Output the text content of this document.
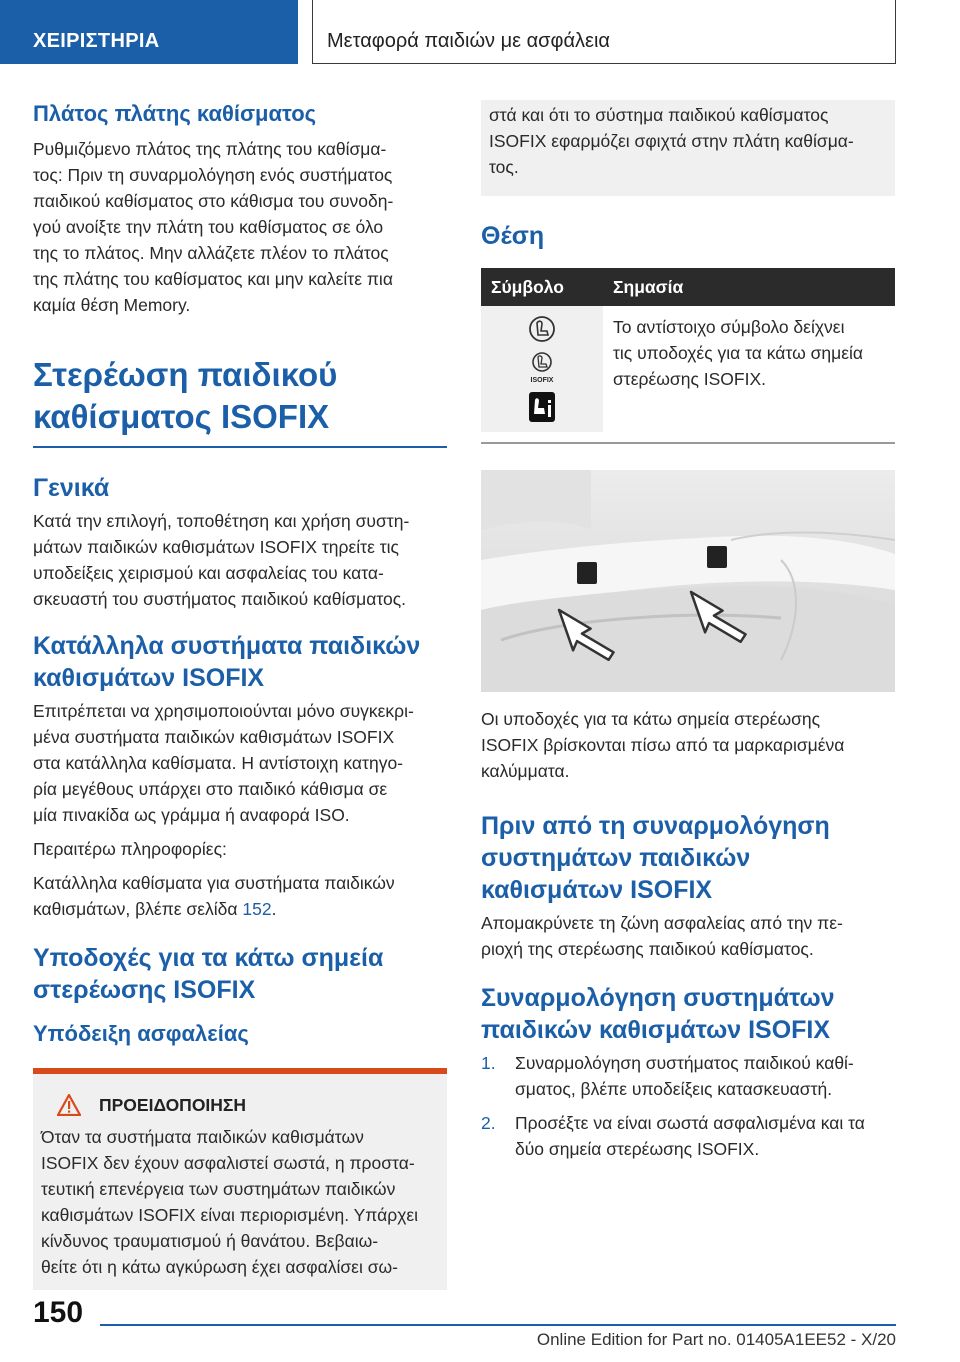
ΧΕΙΡΙΣΤΗΡΙΑ	Μεταφορά παιδιών με ασφάλεια
Πλάτος πλάτης καθίσματος
Ρυθμιζόμενο πλάτος της πλάτης του καθίσμα-
τος: Πριν τη συναρμολόγηση ενός συστήματος
παιδικού καθίσματος στο κάθισμα του συνοδη-
γού ανοίξτε την πλάτη του καθίσματος σε όλο
της το πλάτος. Μην αλλάζετε πλέον το πλάτος
της πλάτης του καθίσματος και μην καλείτε πια
καμία θέση Memory.
Στερέωση παιδικού
καθίσματος ISOFIX
Γενικά
Κατά την επιλογή, τοποθέτηση και χρήση συστη-
μάτων παιδικών καθισμάτων ISOFIX τηρείτε τις
υποδείξεις χειρισμού και ασφαλείας του κατα-
σκευαστή του συστήματος παιδικού καθίσματος.
Κατάλληλα συστήματα παιδικών
καθισμάτων ISOFIX
Επιτρέπεται να χρησιμοποιούνται μόνο συγκεκρι-
μένα συστήματα παιδικών καθισμάτων ISOFIX
στα κατάλληλα καθίσματα. Η αντίστοιχη κατηγο-
ρία μεγέθους υπάρχει στο παιδικό κάθισμα σε
μία πινακίδα ως γράμμα ή αναφορά ISO.
Περαιτέρω πληροφορίες:
Κατάλληλα καθίσματα για συστήματα παιδικών
καθισμάτων, βλέπε σελίδα 152.
Υποδοχές για τα κάτω σημεία
στερέωσης ISOFIX
Υπόδειξη ασφαλείας
ΠΡΟΕΙΔΟΠΟΙΗΣΗ
Όταν τα συστήματα παιδικών καθισμάτων
ISOFIX δεν έχουν ασφαλιστεί σωστά, η προστα-
τευτική επενέργεια των συστημάτων παιδικών
καθισμάτων ISOFIX είναι περιορισμένη. Υπάρχει
κίνδυνος τραυματισμού ή θανάτου. Βεβαιω-
θείτε ότι η κάτω αγκύρωση έχει ασφαλίσει σω-
στά και ότι το σύστημα παιδικού καθίσματος
ISOFIX εφαρμόζει σφιχτά στην πλάτη καθίσμα-
τος.
Θέση
Σύμβολο	Σημασία

ISOFIX	Το αντίστοιχο σύμβολο δείχνει
τις υποδοχές για τα κάτω σημεία
στερέωσης ISOFIX.
Οι υποδοχές για τα κάτω σημεία στερέωσης
ISOFIX βρίσκονται πίσω από τα μαρκαρισμένα
καλύμματα.
Πριν από τη συναρμολόγηση
συστημάτων παιδικών
καθισμάτων ISOFIX
Απομακρύνετε τη ζώνη ασφαλείας από την πε-
ριοχή της στερέωσης παιδικού καθίσματος.
Συναρμολόγηση συστημάτων
παιδικών καθισμάτων ISOFIX
1.	Συναρμολόγηση συστήματος παιδικού καθί-
σματος, βλέπε υποδείξεις κατασκευαστή.
2.	Προσέξτε να είναι σωστά ασφαλισμένα και τα
δύο σημεία στερέωσης ISOFIX.
150
Online Edition for Part no. 01405A1EE52 - X/20
